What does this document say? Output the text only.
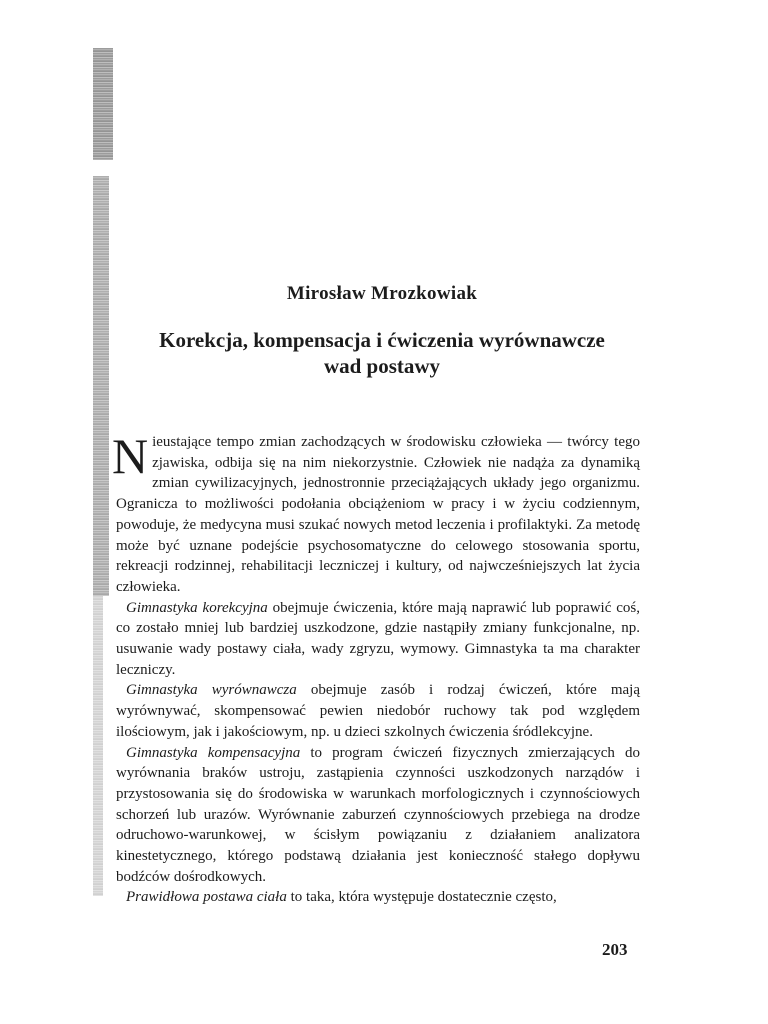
Mirosław Mrozkowiak
Korekcja, kompensacja i ćwiczenia wyrównawcze
wad postawy

Nieustające tempo zmian zachodzących w środowisku człowieka — twórcy tego zjawiska, odbija się na nim niekorzystnie. Człowiek nie nadąża za dynamiką zmian cywilizacyjnych, jednostronnie przeciążających układy jego organizmu. Ogranicza to możliwości podołania obciążeniom w pracy i w życiu codziennym, powoduje, że medycyna musi szukać nowych metod leczenia i profilaktyki. Za metodę może być uznane podejście psychosomatyczne do celowego stosowania sportu, rekreacji rodzinnej, rehabilitacji leczniczej i kultury, od najwcześniejszych lat życia człowieka.

Gimnastyka korekcyjna obejmuje ćwiczenia, które mają naprawić lub poprawić coś, co zostało mniej lub bardziej uszkodzone, gdzie nastąpiły zmiany funkcjonalne, np. usuwanie wady postawy ciała, wady zgryzu, wymowy. Gimnastyka ta ma charakter leczniczy.

Gimnastyka wyrównawcza obejmuje zasób i rodzaj ćwiczeń, które mają wyrównywać, skompensować pewien niedobór ruchowy tak pod względem ilościowym, jak i jakościowym, np. u dzieci szkolnych ćwiczenia śródlekcyjne.

Gimnastyka kompensacyjna to program ćwiczeń fizycznych zmierzających do wyrównania braków ustroju, zastąpienia czynności uszkodzonych narządów i przystosowania się do środowiska w warunkach morfologicznych i czynnościowych schorzeń lub urazów. Wyrównanie zaburzeń czynnościowych przebiega na drodze odruchowo-warunkowej, w ścisłym powiązaniu z działaniem analizatora kinestetycznego, którego podstawą działania jest konieczność stałego dopływu bodźców dośrodkowych.

Prawidłowa postawa ciała to taka, która występuje dostatecznie często,

203
